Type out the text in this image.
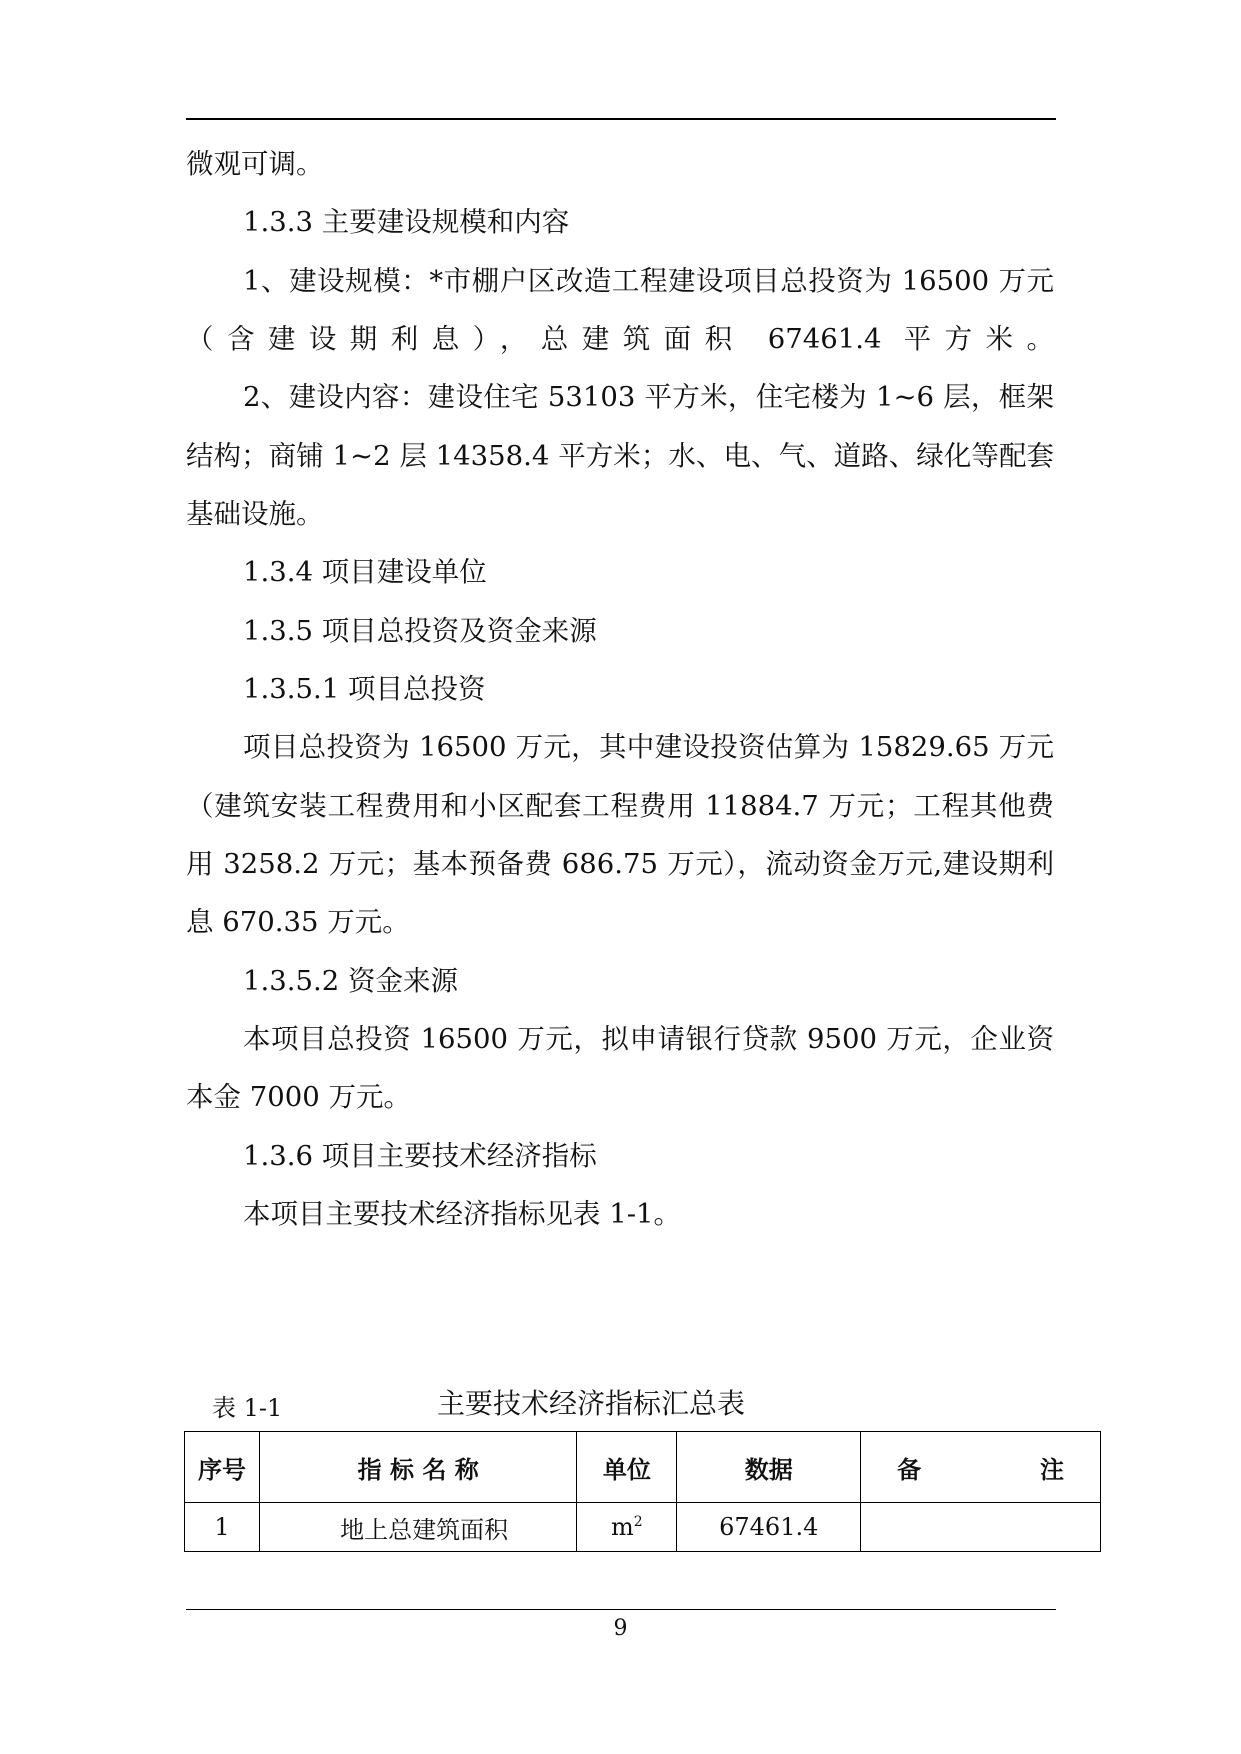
微观可调。
1.3.3 主要建设规模和内容
1、建设规模：*市棚户区改造工程建设项目总投资为 16500 万元
（含建设期利息），总建筑面积 67461.4 平方米。
2、建设内容：建设住宅 53103 平方米，住宅楼为 1~6 层，框架
结构；商铺 1~2 层 14358.4 平方米；水、电、气、道路、绿化等配套
基础设施。
1.3.4 项目建设单位
1.3.5 项目总投资及资金来源
1.3.5.1 项目总投资
项目总投资为 16500 万元，其中建设投资估算为 15829.65 万元
（建筑安装工程费用和小区配套工程费用 11884.7 万元；工程其他费
用 3258.2 万元；基本预备费 686.75 万元），流动资金万元,建设期利
息 670.35 万元。
1.3.5.2 资金来源
本项目总投资 16500 万元，拟申请银行贷款 9500 万元，企业资
本金 7000 万元。
1.3.6 项目主要技术经济指标
本项目主要技术经济指标见表 1-1。
表 1-1	主要技术经济指标汇总表
序号	指 标 名 称	单位	数据	备 注

1	地上总建筑面积	$m^2$	67461.4	
9
